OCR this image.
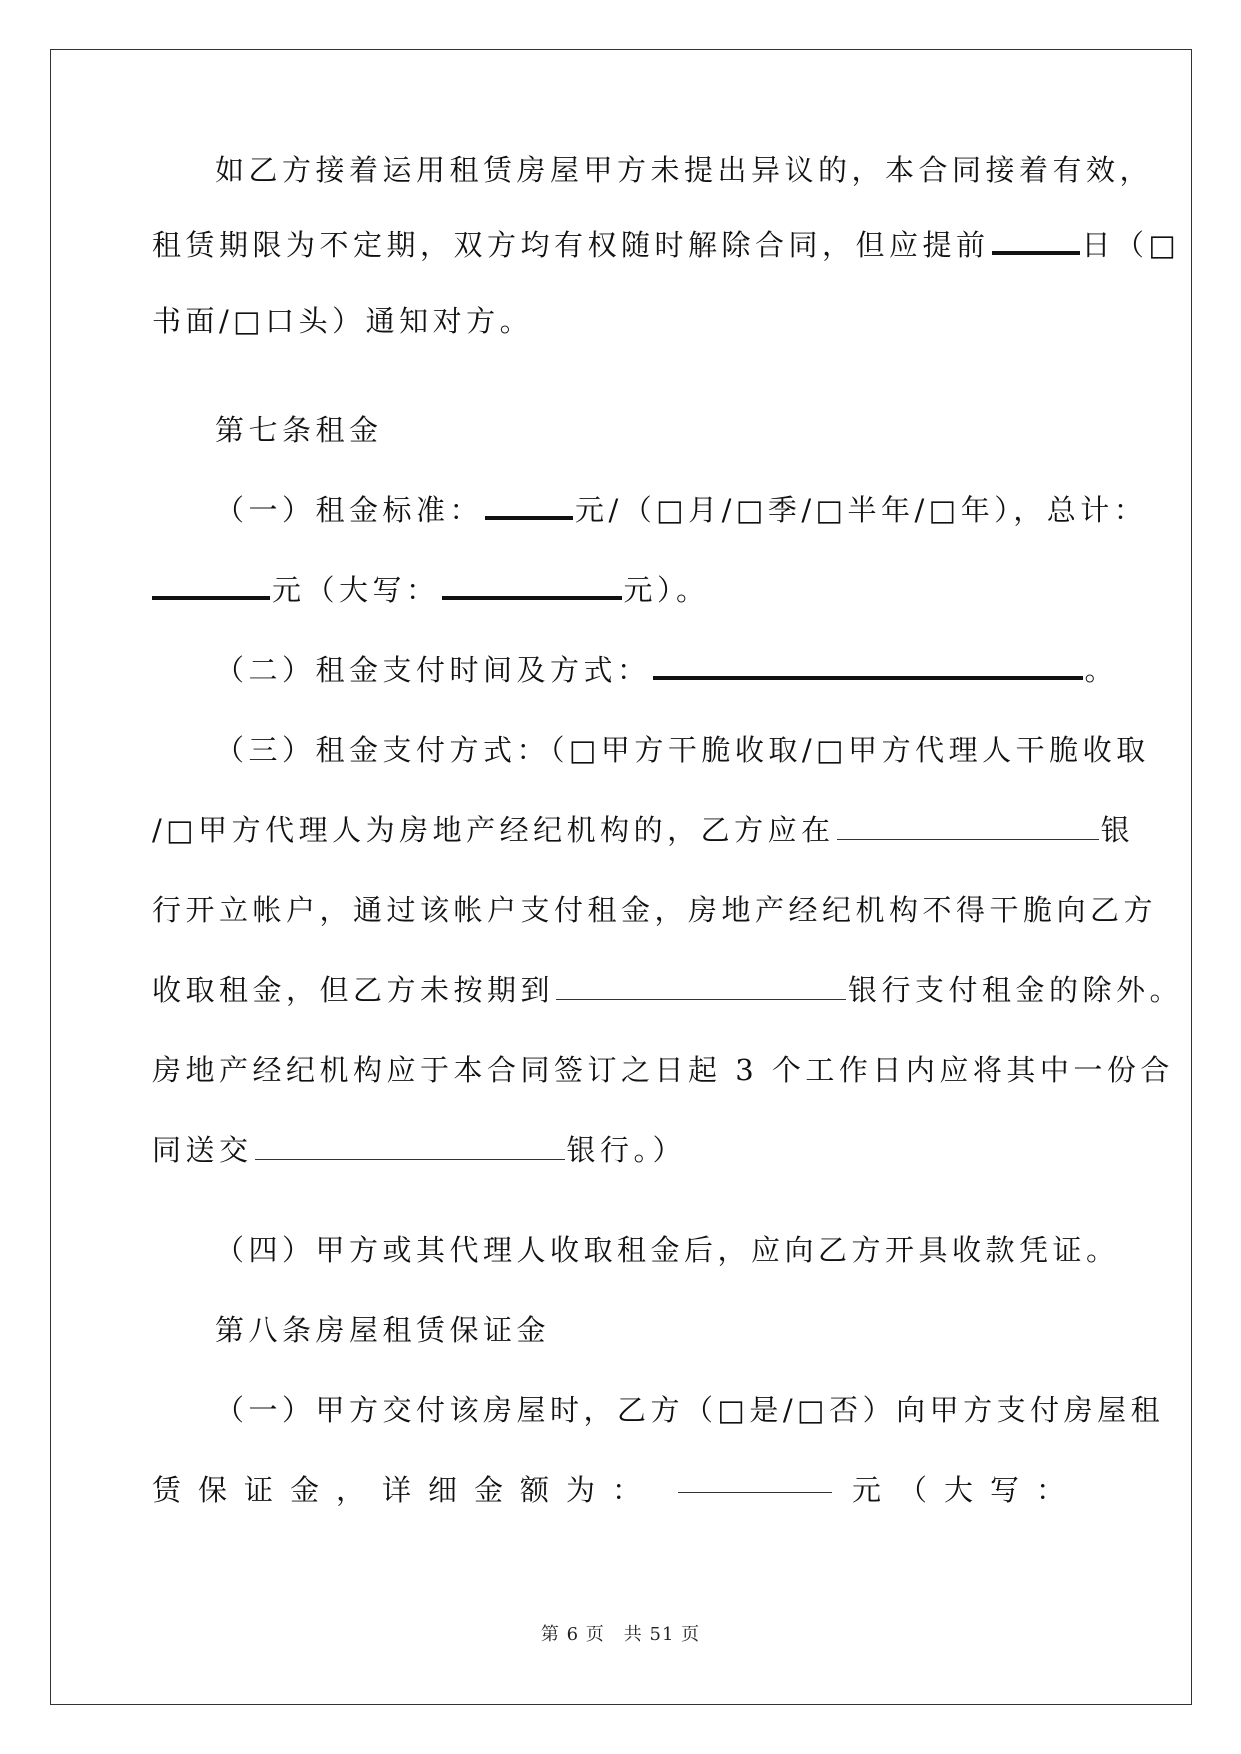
如乙方接着运用租赁房屋甲方未提出异议的，本合同接着有效，
租赁期限为不定期，双方均有权随时解除合同，但应提前	日（□
书面/□口头）通知对方。
第七条租金
（一）租金标准：	元/（□月/□季/□半年/□年），总计：
元（大写：	元）。
（二）租金支付时间及方式：	。
（三）租金支付方式：（□甲方干脆收取/□甲方代理人干脆收取
/□甲方代理人为房地产经纪机构的，乙方应在	银
行开立帐户，通过该帐户支付租金，房地产经纪机构不得干脆向乙方
收取租金，但乙方未按期到	银行支付租金的除外。
房地产经纪机构应于本合同签订之日起 3 个工作日内应将其中一份合
同送交	银行。）
（四）甲方或其代理人收取租金后，应向乙方开具收款凭证。
第八条房屋租赁保证金
（一）甲方交付该房屋时，乙方（□是/□否）向甲方支付房屋租
赁保证金，详细金额为：	元（大写：
第 6 页　共 51 页
